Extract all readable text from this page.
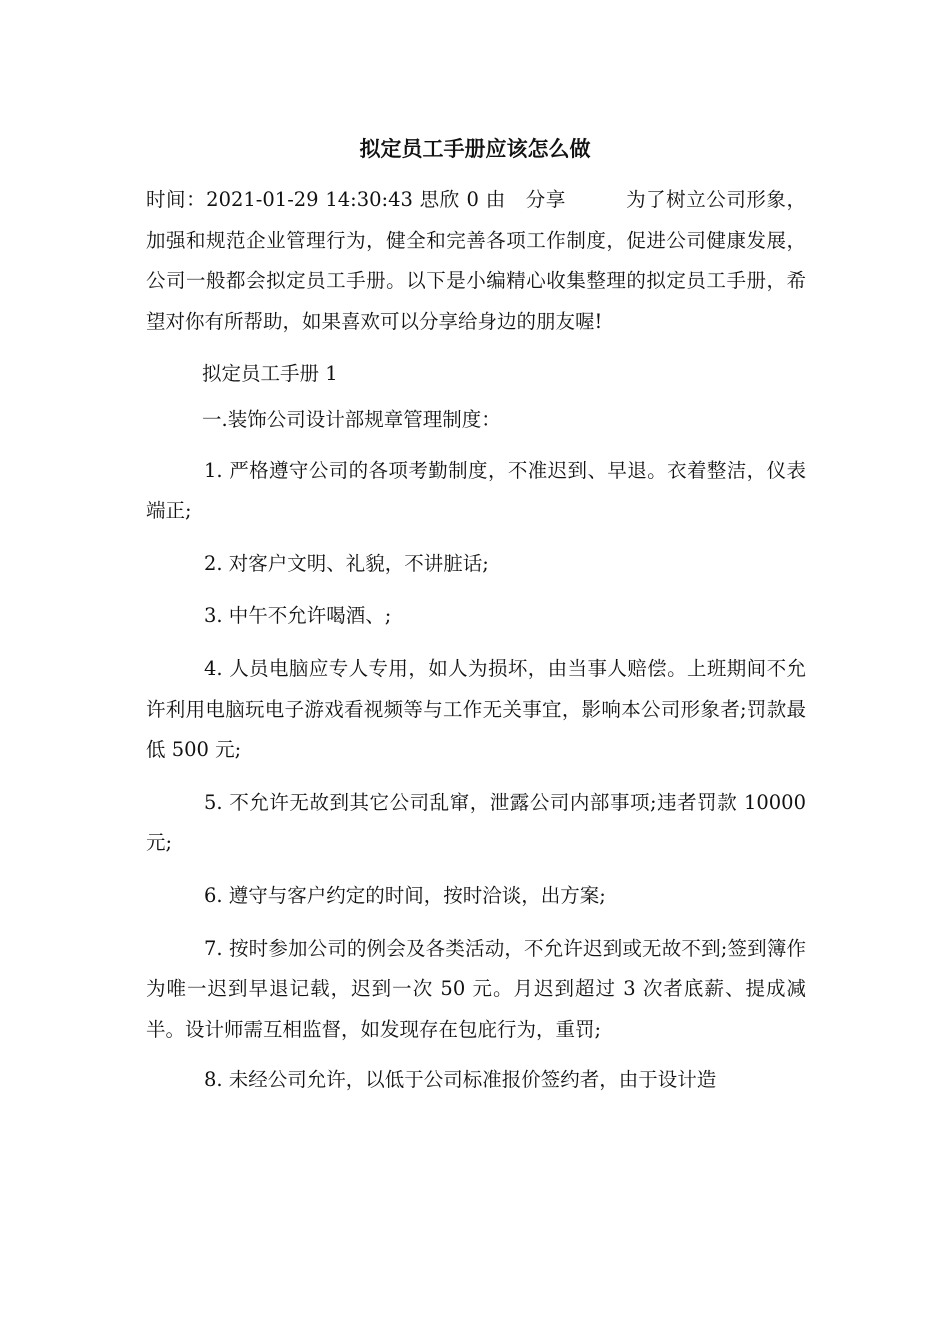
拟定员工手册应该怎么做

时间：2021-01-29 14:30:43 思欣 0 由　分享　　　为了树立公司形象，加强和规范企业管理行为，健全和完善各项工作制度，促进公司健康发展，公司一般都会拟定员工手册。以下是小编精心收集整理的拟定员工手册，希望对你有所帮助，如果喜欢可以分享给身边的朋友喔!

拟定员工手册 1

一.装饰公司设计部规章管理制度：

1. 严格遵守公司的各项考勤制度，不准迟到、早退。衣着整洁，仪表端正;

2. 对客户文明、礼貌，不讲脏话;

3. 中午不允许喝酒、;

4. 人员电脑应专人专用，如人为损坏，由当事人赔偿。上班期间不允许利用电脑玩电子游戏看视频等与工作无关事宜，影响本公司形象者;罚款最低 500 元;

5. 不允许无故到其它公司乱窜，泄露公司内部事项;违者罚款 10000 元;

6. 遵守与客户约定的时间，按时洽谈，出方案;

7. 按时参加公司的例会及各类活动，不允许迟到或无故不到;签到簿作为唯一迟到早退记载，迟到一次 50 元。月迟到超过 3 次者底薪、提成减半。设计师需互相监督，如发现存在包庇行为，重罚;

8. 未经公司允许，以低于公司标准报价签约者，由于设计造
